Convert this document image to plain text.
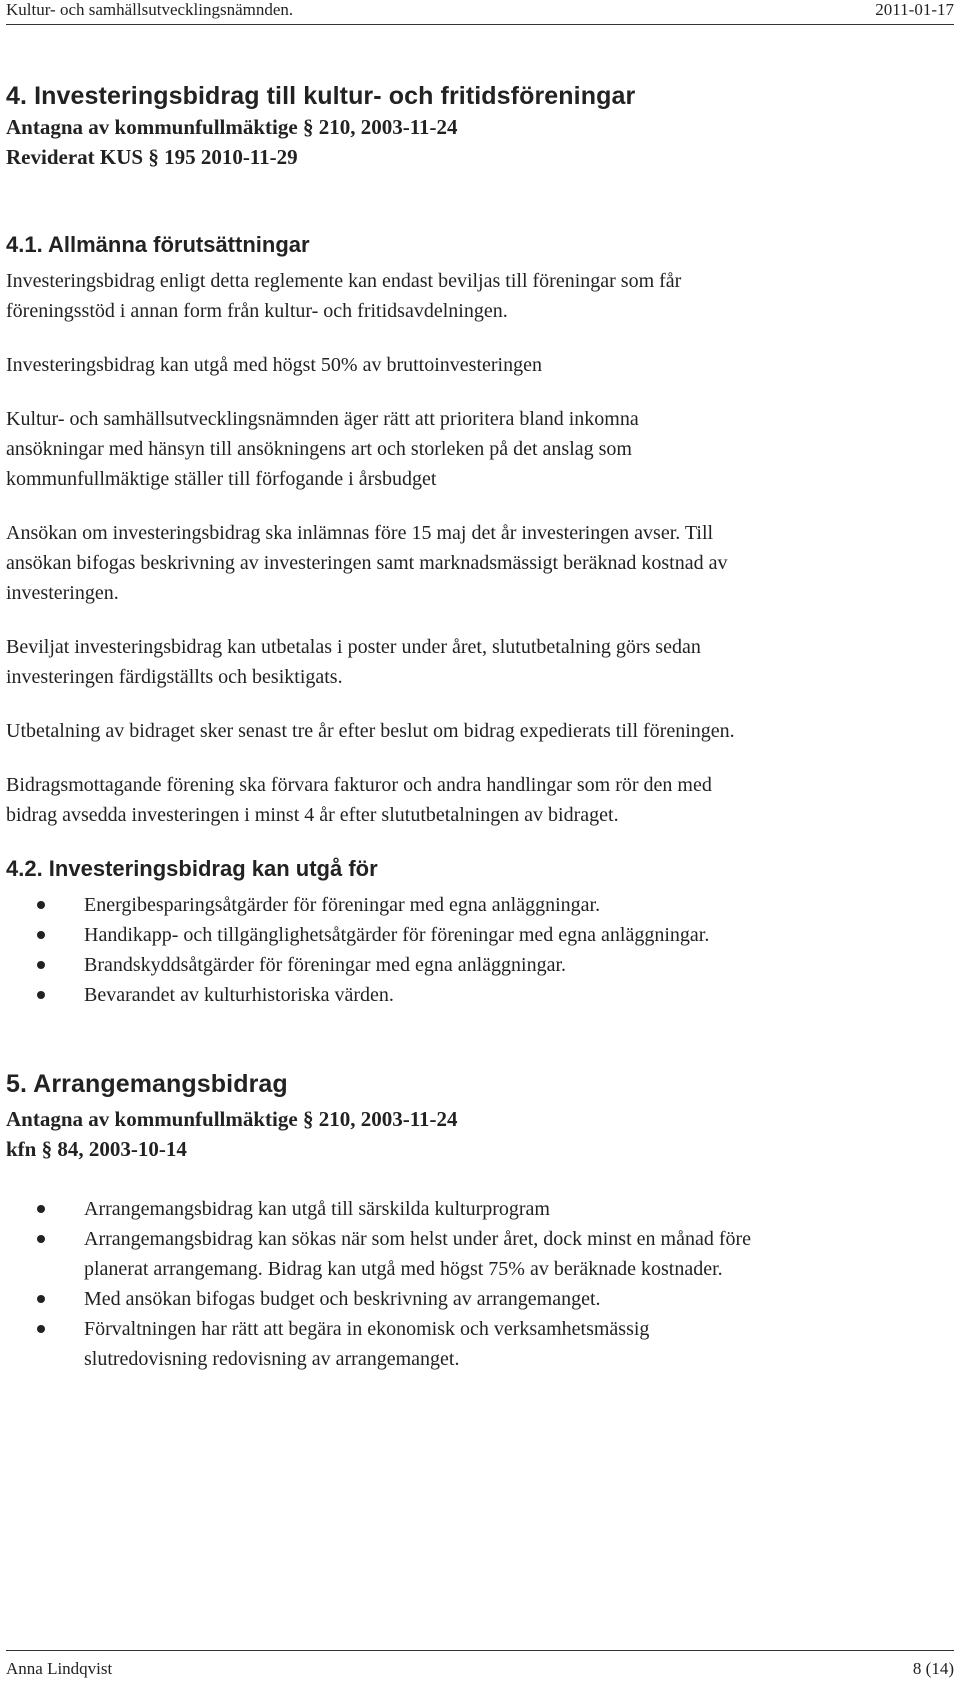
Kultur- och samhällsutvecklingsnämnden.	2011-01-17
4. Investeringsbidrag till kultur- och fritidsföreningar
Antagna av kommunfullmäktige § 210, 2003-11-24
Reviderat KUS § 195 2010-11-29
4.1. Allmänna förutsättningar

Investeringsbidrag enligt detta reglemente kan endast beviljas till föreningar som får
föreningsstöd i annan form från kultur- och fritidsavdelningen.

Investeringsbidrag kan utgå med högst 50% av bruttoinvesteringen

Kultur- och samhällsutvecklingsnämnden äger rätt att prioritera bland inkomna
ansökningar med hänsyn till ansökningens art och storleken på det anslag som
kommunfullmäktige ställer till förfogande i årsbudget

Ansökan om investeringsbidrag ska inlämnas före 15 maj det år investeringen avser. Till
ansökan bifogas beskrivning av investeringen samt marknadsmässigt beräknad kostnad av
investeringen.

Beviljat investeringsbidrag kan utbetalas i poster under året, slututbetalning görs sedan
investeringen färdigställts och besiktigats.

Utbetalning av bidraget sker senast tre år efter beslut om bidrag expedierats till föreningen.

Bidragsmottagande förening ska förvara fakturor och andra handlingar som rör den med
bidrag avsedda investeringen i minst 4 år efter slututbetalningen av bidraget.

4.2. Investeringsbidrag kan utgå för
Energibesparingsåtgärder för föreningar med egna anläggningar.
Handikapp- och tillgänglighetsåtgärder för föreningar med egna anläggningar.
Brandskyddsåtgärder för föreningar med egna anläggningar.
Bevarandet av kulturhistoriska värden.
5. Arrangemangsbidrag
Antagna av kommunfullmäktige § 210, 2003-11-24
kfn § 84, 2003-10-14
Arrangemangsbidrag kan utgå till särskilda kulturprogram
Arrangemangsbidrag kan sökas när som helst under året, dock minst en månad före
planerat arrangemang. Bidrag kan utgå med högst 75% av beräknade kostnader.
Med ansökan bifogas budget och beskrivning av arrangemanget.
Förvaltningen har rätt att begära in ekonomisk och verksamhetsmässig
slutredovisning redovisning av arrangemanget.
Anna Lindqvist	8 (14)
